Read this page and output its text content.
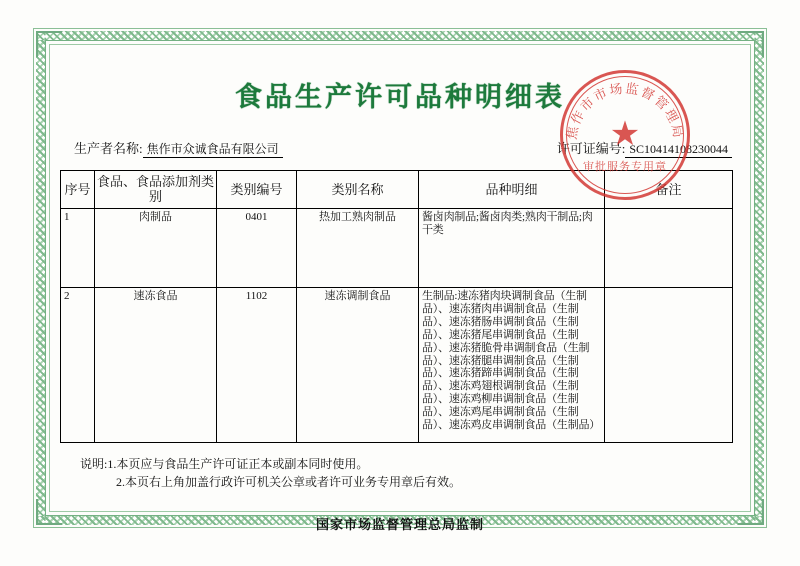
食品生产许可品种明细表
生产者名称: 焦作市众诚食品有限公司	许可证编号: SC10414108230044
序号	食品、食品添加剂类别	类别编号	类别名称	品种明细	备注
1	肉制品	0401	热加工熟肉制品	酱卤肉制品;酱卤肉类;熟肉干制品;肉干类	
2	速冻食品	1102	速冻调制食品	生制品:速冻猪肉块调制食品（生制品）、速冻猪肉串调制食品（生制品）、速冻猪肠串调制食品（生制品）、速冻猪尾串调制食品（生制品）、速冻猪脆骨串调制食品（生制品）、速冻猪腿串调制食品（生制品）、速冻猪蹄串调制食品（生制品）、速冻鸡翅根调制食品（生制品）、速冻鸡柳串调制食品（生制品）、速冻鸡尾串调制食品（生制品）、速冻鸡皮串调制食品（生制品）	
说明:1.本页应与食品生产许可证正本或副本同时使用。
2.本页右上角加盖行政许可机关公章或者许可业务专用章后有效。
国家市场监督管理总局监制
焦作市市场监督管理局
★
审批服务专用章
